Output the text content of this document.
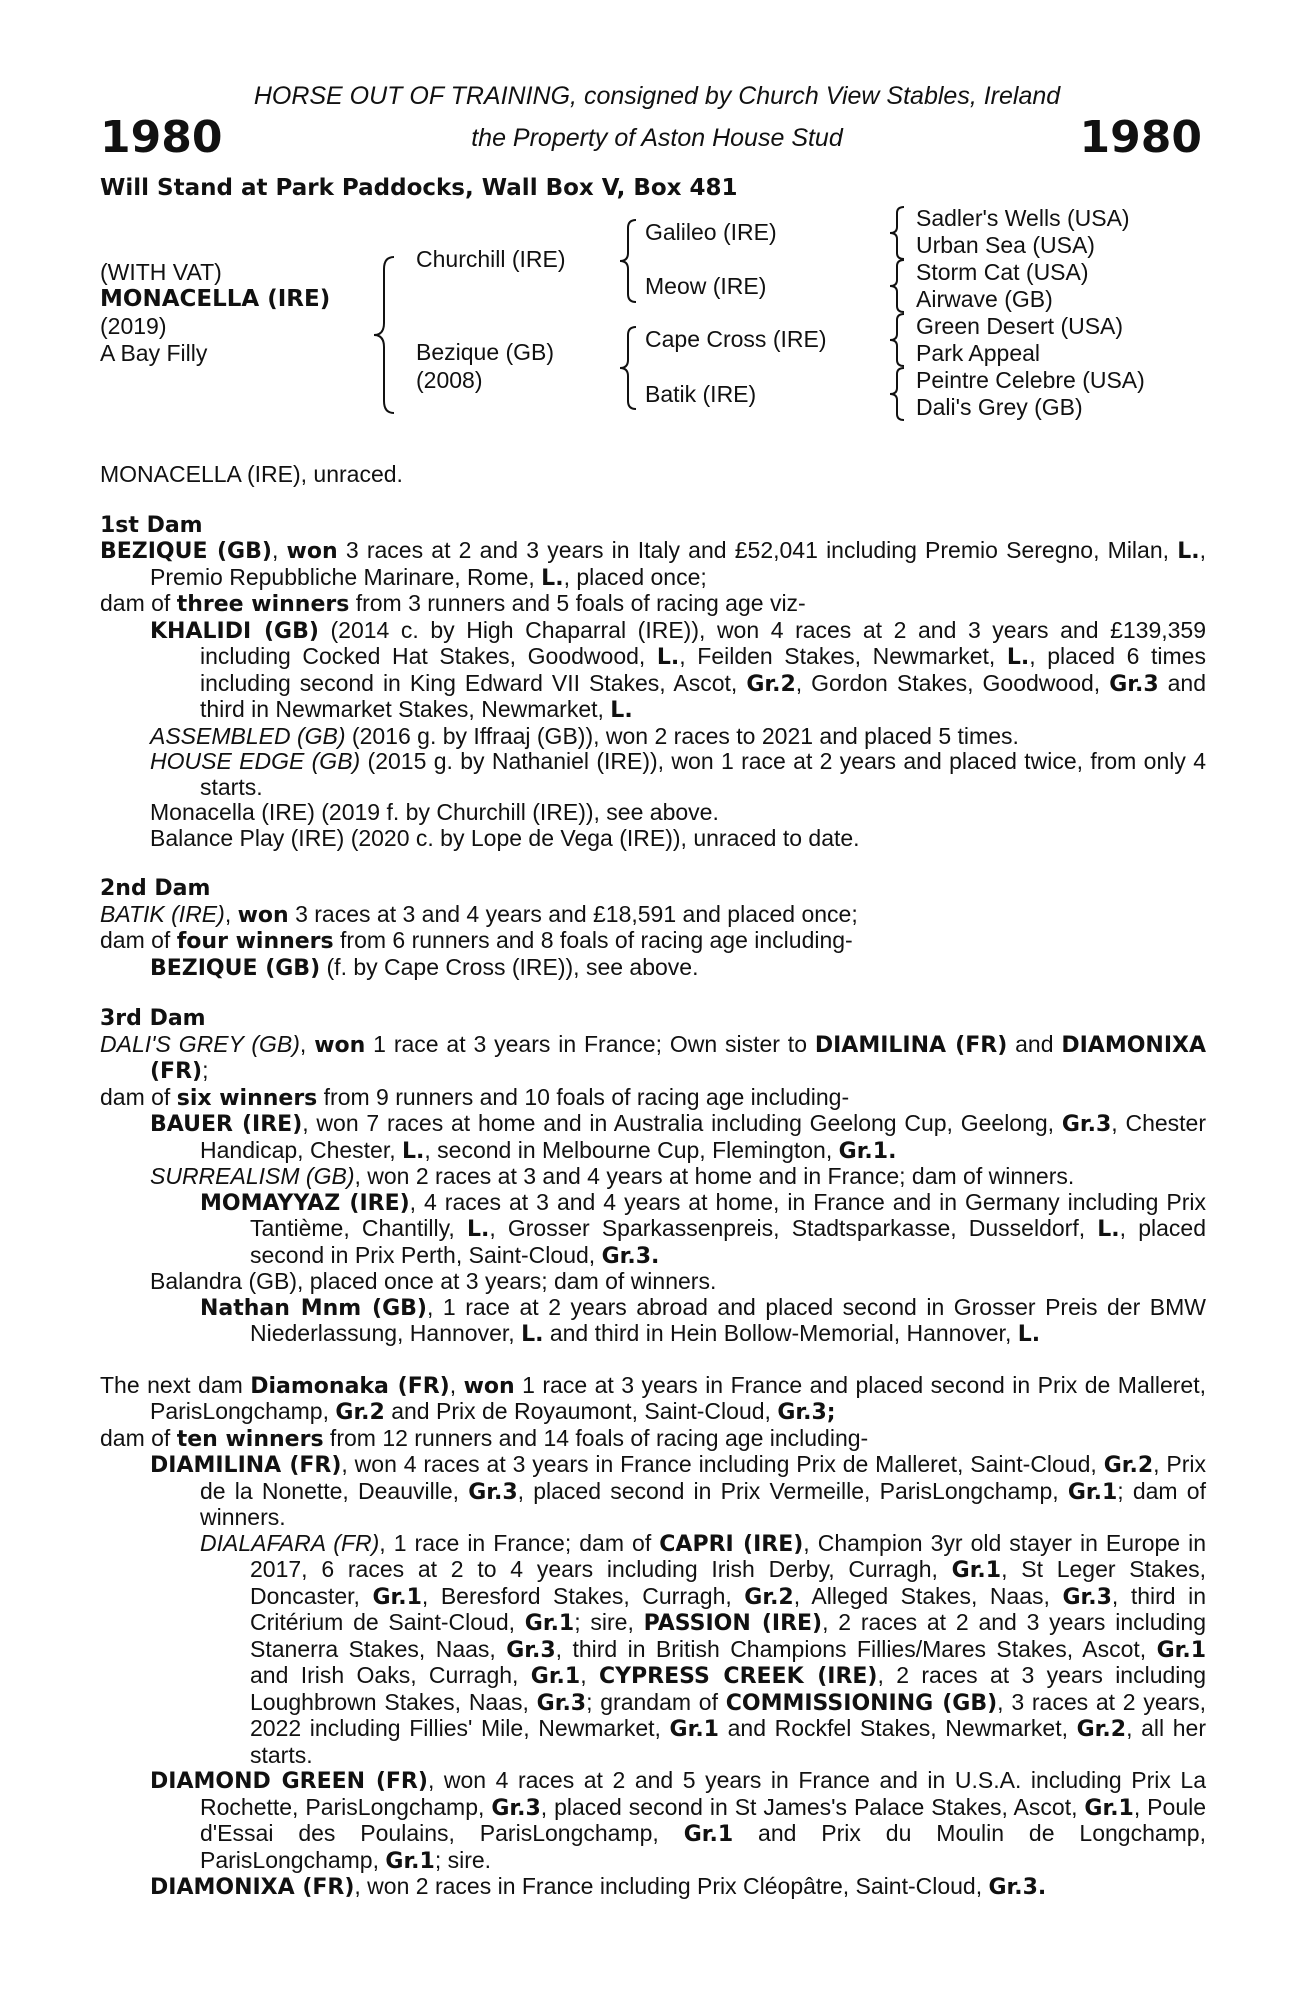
HORSE OUT OF TRAINING, consigned by Church View Stables, Ireland
the Property of Aston House Stud
1980	1980
Will Stand at Park Paddocks, Wall Box V, Box 481
(WITH VAT)
MONACELLA (IRE)
(2019)
A Bay Filly
Churchill (IRE)
Bezique (GB)
(2008)
Galileo (IRE)
Meow (IRE)
Cape Cross (IRE)
Batik (IRE)
Sadler's Wells (USA)
Urban Sea (USA)
Storm Cat (USA)
Airwave (GB)
Green Desert (USA)
Park Appeal
Peintre Celebre (USA)
Dali's Grey (GB)

MONACELLA (IRE), unraced.

1st Dam

BEZIQUE (GB), won 3 races at 2 and 3 years in Italy and £52,041 including Premio Seregno, Milan, L., Premio Repubbliche Marinare, Rome, L., placed once;

dam of three winners from 3 runners and 5 foals of racing age viz-

KHALIDI (GB) (2014 c. by High Chaparral (IRE)), won 4 races at 2 and 3 years and £139,359 including Cocked Hat Stakes, Goodwood, L., Feilden Stakes, Newmarket, L., placed 6 times including second in King Edward VII Stakes, Ascot, Gr.2, Gordon Stakes, Goodwood, Gr.3 and third in Newmarket Stakes, Newmarket, L.

ASSEMBLED (GB) (2016 g. by Iffraaj (GB)), won 2 races to 2021 and placed 5 times.

HOUSE EDGE (GB) (2015 g. by Nathaniel (IRE)), won 1 race at 2 years and placed twice, from only 4 starts.

Monacella (IRE) (2019 f. by Churchill (IRE)), see above.

Balance Play (IRE) (2020 c. by Lope de Vega (IRE)), unraced to date.

2nd Dam

BATIK (IRE), won 3 races at 3 and 4 years and £18,591 and placed once;

dam of four winners from 6 runners and 8 foals of racing age including-

BEZIQUE (GB) (f. by Cape Cross (IRE)), see above.

3rd Dam

DALI'S GREY (GB), won 1 race at 3 years in France; Own sister to DIAMILINA (FR) and DIAMONIXA (FR);

dam of six winners from 9 runners and 10 foals of racing age including-

BAUER (IRE), won 7 races at home and in Australia including Geelong Cup, Geelong, Gr.3, Chester Handicap, Chester, L., second in Melbourne Cup, Flemington, Gr.1.

SURREALISM (GB), won 2 races at 3 and 4 years at home and in France; dam of winners.

MOMAYYAZ (IRE), 4 races at 3 and 4 years at home, in France and in Germany including Prix Tantième, Chantilly, L., Grosser Sparkassenpreis, Stadtsparkasse, Dusseldorf, L., placed second in Prix Perth, Saint-Cloud, Gr.3.

Balandra (GB), placed once at 3 years; dam of winners.

Nathan Mnm (GB), 1 race at 2 years abroad and placed second in Grosser Preis der BMW Niederlassung, Hannover, L. and third in Hein Bollow-Memorial, Hannover, L.

The next dam Diamonaka (FR), won 1 race at 3 years in France and placed second in Prix de Malleret, ParisLongchamp, Gr.2 and Prix de Royaumont, Saint-Cloud, Gr.3;

dam of ten winners from 12 runners and 14 foals of racing age including-

DIAMILINA (FR), won 4 races at 3 years in France including Prix de Malleret, Saint-Cloud, Gr.2, Prix de la Nonette, Deauville, Gr.3, placed second in Prix Vermeille, ParisLongchamp, Gr.1; dam of winners.

DIALAFARA (FR), 1 race in France; dam of CAPRI (IRE), Champion 3yr old stayer in Europe in 2017, 6 races at 2 to 4 years including Irish Derby, Curragh, Gr.1, St Leger Stakes, Doncaster, Gr.1, Beresford Stakes, Curragh, Gr.2, Alleged Stakes, Naas, Gr.3, third in Critérium de Saint-Cloud, Gr.1; sire, PASSION (IRE), 2 races at 2 and 3 years including Stanerra Stakes, Naas, Gr.3, third in British Champions Fillies/Mares Stakes, Ascot, Gr.1 and Irish Oaks, Curragh, Gr.1, CYPRESS CREEK (IRE), 2 races at 3 years including Loughbrown Stakes, Naas, Gr.3; grandam of COMMISSIONING (GB), 3 races at 2 years, 2022 including Fillies' Mile, Newmarket, Gr.1 and Rockfel Stakes, Newmarket, Gr.2, all her starts.

DIAMOND GREEN (FR), won 4 races at 2 and 5 years in France and in U.S.A. including Prix La Rochette, ParisLongchamp, Gr.3, placed second in St James's Palace Stakes, Ascot, Gr.1, Poule d'Essai des Poulains, ParisLongchamp, Gr.1 and Prix du Moulin de Longchamp, ParisLongchamp, Gr.1; sire.

DIAMONIXA (FR), won 2 races in France including Prix Cléopâtre, Saint-Cloud, Gr.3.
